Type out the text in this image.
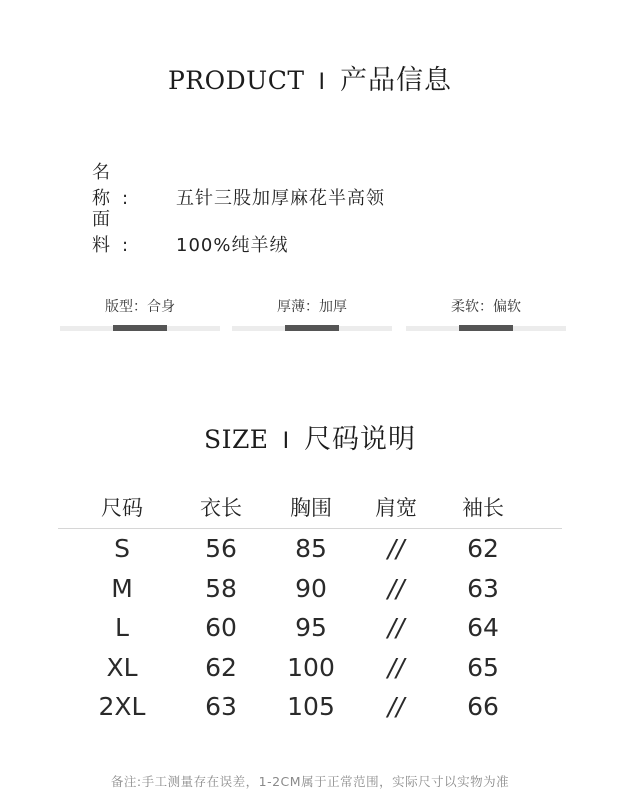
PRODUCT I 产品信息
名 称: 五针三股加厚麻花半高领
面 料: 100%纯羊绒
版型：合身	厚薄：加厚	柔软：偏软
SIZE I 尺码说明
尺码	衣长	胸围	肩宽	袖长
S	56	85	//	62
M	58	90	//	63
L	60	95	//	64
XL	62	100	//	65
2XL	63	105	//	66
备注:手工测量存在误差，1-2CM属于正常范围，实际尺寸以实物为准
